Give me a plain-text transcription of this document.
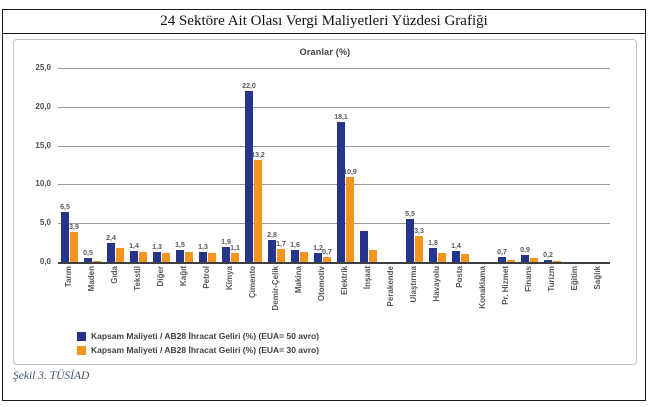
24 Sektöre Ait Olası Vergi Maliyetleri Yüzdesi Grafiği
Oranlar (%)
25,0
20,0
15,0
10,0
5,0
0,0
6,5
3,9
0,5
2,4
1,4 1,3 1,5 1,3
1,9
1,1
22,0
13,2
2,8
1,7 1,6 1,2
0,7
18,1
10,9
5,5
3,3
1,8 1,4
0,7 0,9
0,2
Tarım Maden Gıda Tekstil Diğer Kağıt Petrol Kimya Çimento Demir-Çelik Makina Otomotiv Elektrik İnşaat Perakende Ulaştırma Havayolu Posta Konaklama Pr. Hizmet Finans Turizm Eğitim Sağlık
Kapsam Maliyeti / AB28 İhracat Geliri (%) (EUA= 50 avro)
Kapsam Maliyeti / AB28 İhracat Geliri (%) (EUA= 30 avro)
Şekil 3. TÜSİAD
